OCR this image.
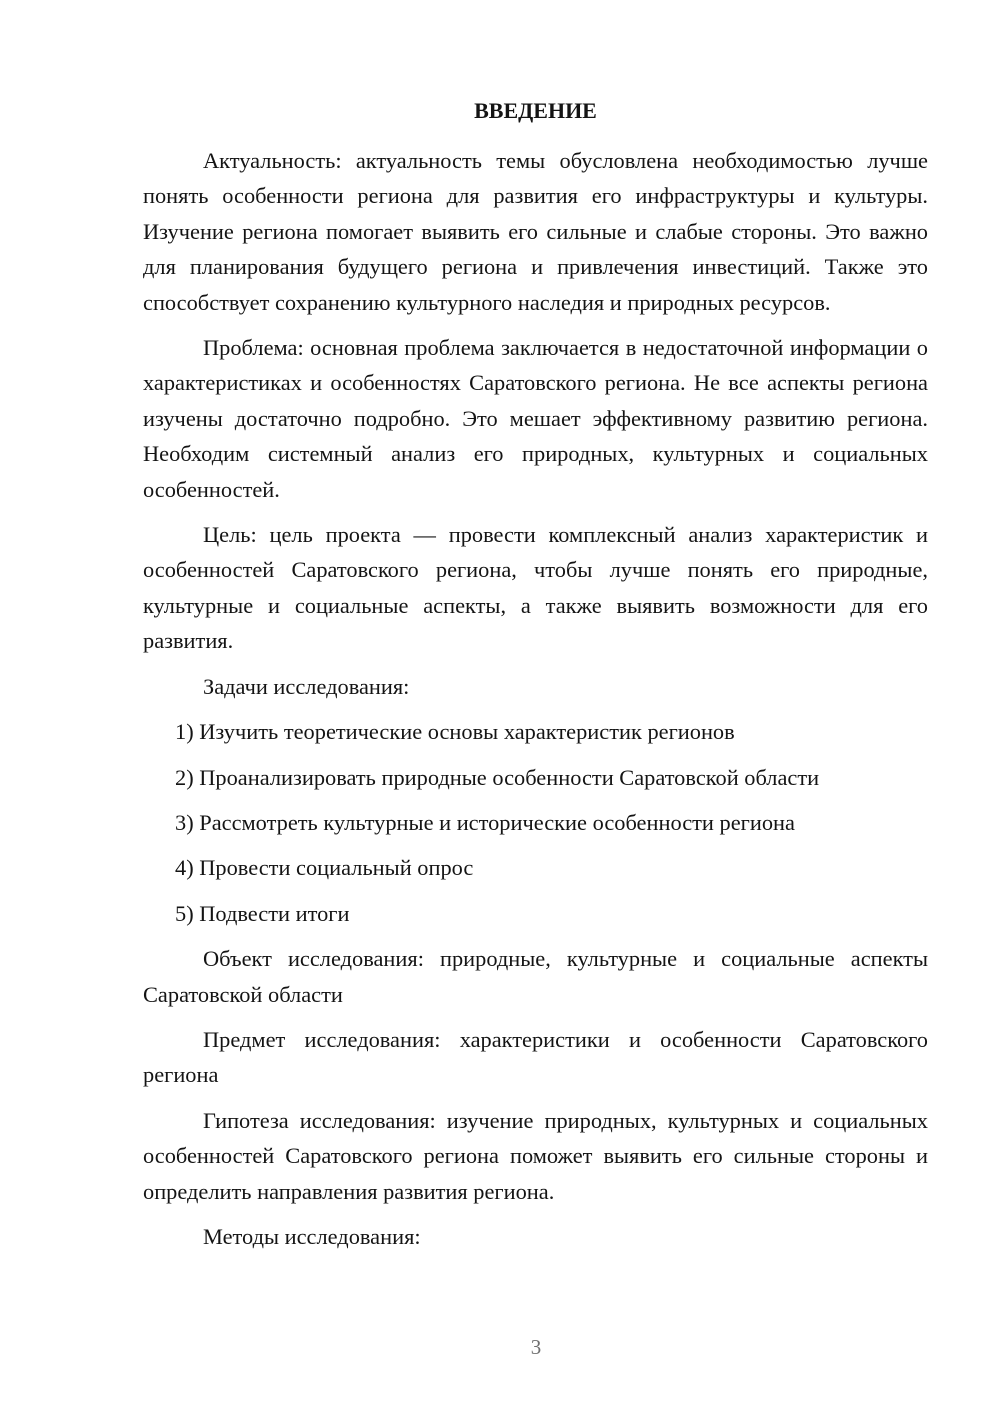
ВВЕДЕНИЕ

Актуальность: актуальность темы обусловлена необходимостью лучше понять особенности региона для развития его инфраструктуры и культуры. Изучение региона помогает выявить его сильные и слабые стороны. Это важно для планирования будущего региона и привлечения инвестиций. Также это способствует сохранению культурного наследия и природных ресурсов.

Проблема: основная проблема заключается в недостаточной информации о характеристиках и особенностях Саратовского региона. Не все аспекты региона изучены достаточно подробно. Это мешает эффективному развитию региона. Необходим системный анализ его природных, культурных и социальных особенностей.

Цель: цель проекта — провести комплексный анализ характеристик и особенностей Саратовского региона, чтобы лучше понять его природные, культурные и социальные аспекты, а также выявить возможности для его развития.

Задачи исследования:

1) Изучить теоретические основы характеристик регионов

2) Проанализировать природные особенности Саратовской области

3) Рассмотреть культурные и исторические особенности региона

4) Провести социальный опрос

5) Подвести итоги

Объект исследования: природные, культурные и социальные аспекты Саратовской области

Предмет исследования: характеристики и особенности Саратовского региона

Гипотеза исследования: изучение природных, культурных и социальных особенностей Саратовского региона поможет выявить его сильные стороны и определить направления развития региона.

Методы исследования:

3
